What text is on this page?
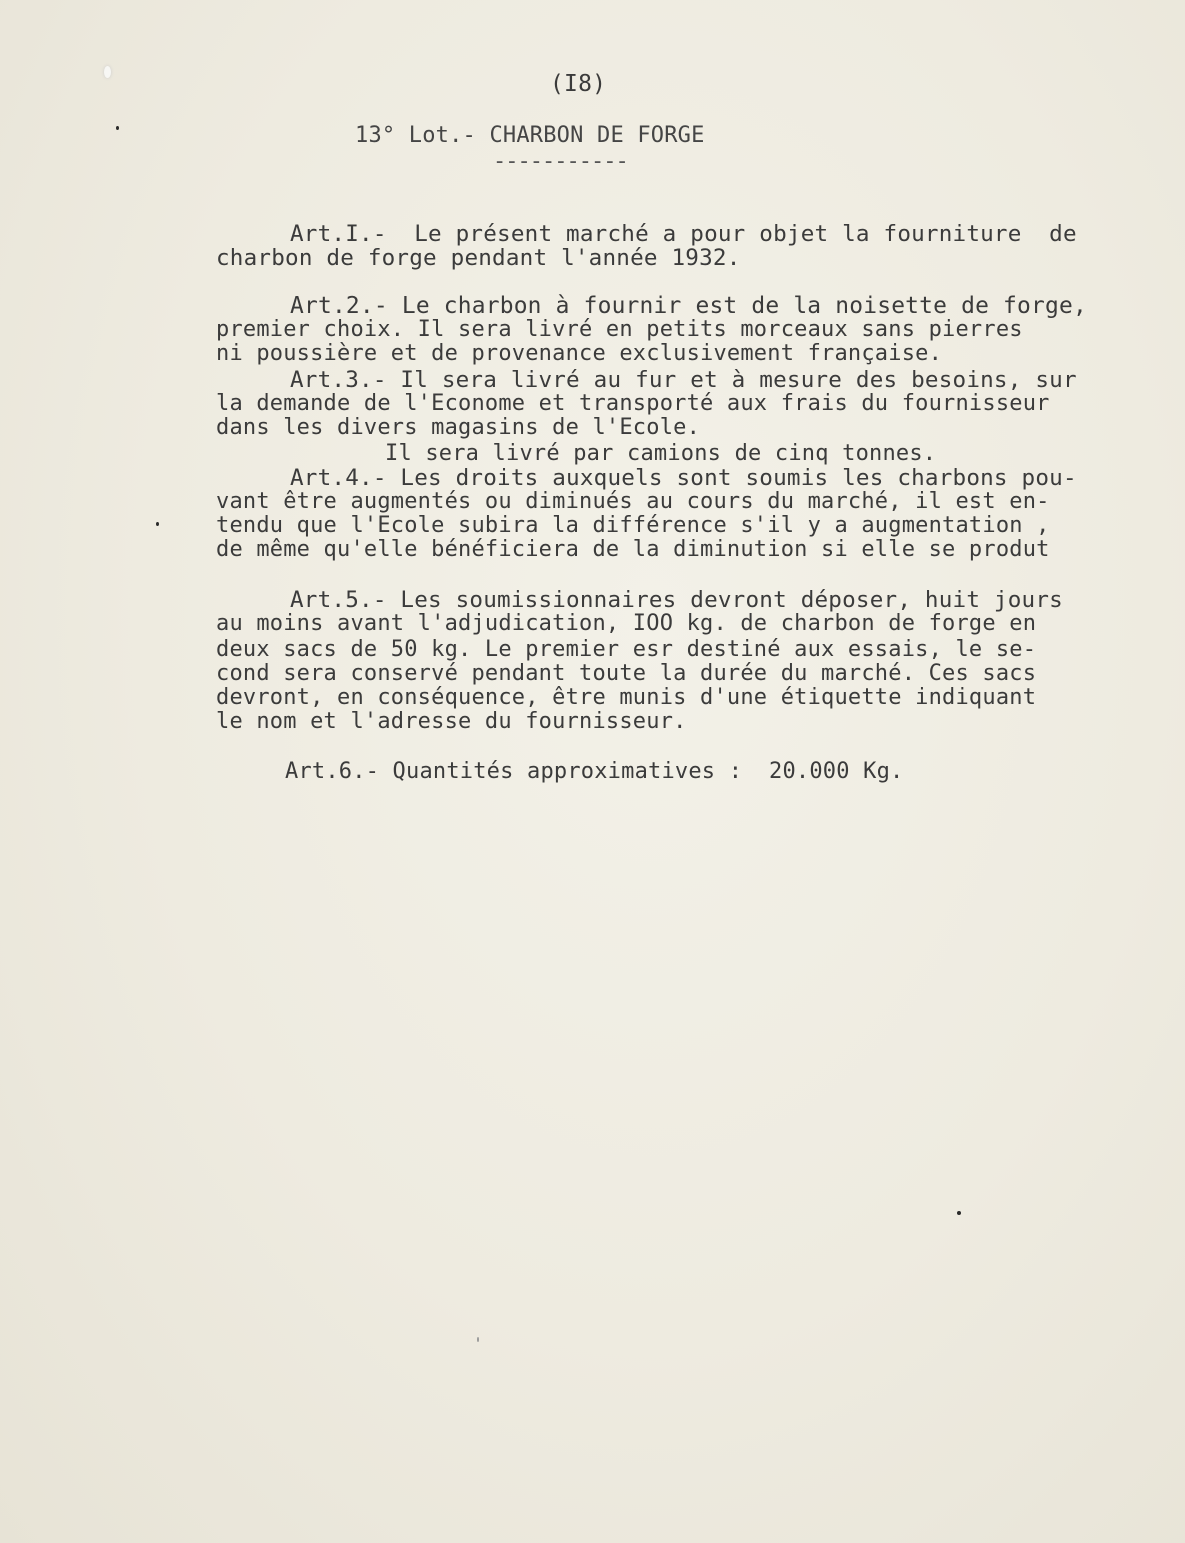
(I8)
13° Lot.- CHARBON DE FORGE
-----------
Art.I.-  Le présent marché a pour objet la fourniture  de
charbon de forge pendant l'année 1932.
Art.2.- Le charbon à fournir est de la noisette de forge,
premier choix. Il sera livré en petits morceaux sans pierres
ni poussière et de provenance exclusivement française.
Art.3.- Il sera livré au fur et à mesure des besoins, sur
la demande de l'Econome et transporté aux frais du fournisseur
dans les divers magasins de l'Ecole.
Il sera livré par camions de cinq tonnes.
Art.4.- Les droits auxquels sont soumis les charbons pou-
vant être augmentés ou diminués au cours du marché, il est en-
tendu que l'Ecole subira la différence s'il y a augmentation ,
de même qu'elle bénéficiera de la diminution si elle se produt
Art.5.- Les soumissionnaires devront déposer, huit jours
au moins avant l'adjudication, IOO kg. de charbon de forge en
deux sacs de 50 kg. Le premier esr destiné aux essais, le se-
cond sera conservé pendant toute la durée du marché. Ces sacs
devront, en conséquence, être munis d'une étiquette indiquant
le nom et l'adresse du fournisseur.
Art.6.- Quantités approximatives :  20.000 Kg.
